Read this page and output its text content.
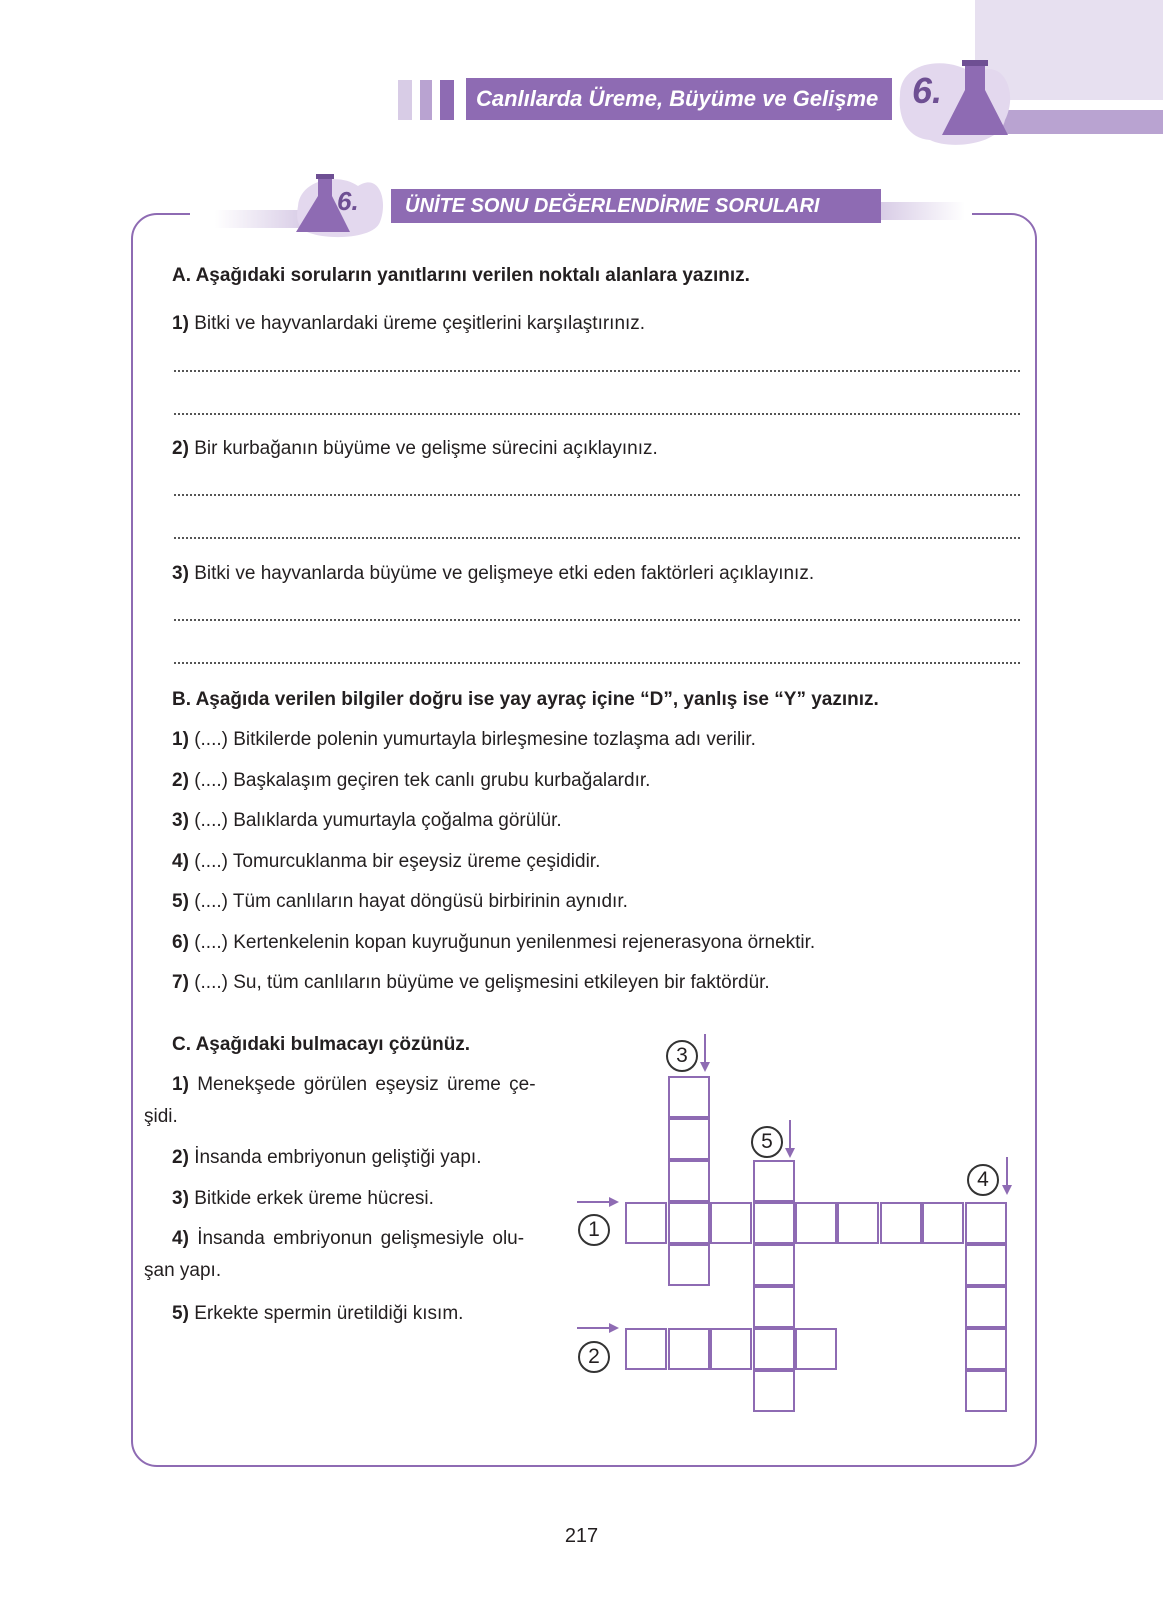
Canlılarda Üreme, Büyüme ve Gelişme 6.
6.	ÜNİTE SONU DEĞERLENDİRME SORULARI
A. Aşağıdaki soruların yanıtlarını verilen noktalı alanlara yazınız.
1) Bitki ve hayvanlardaki üreme çeşitlerini karşılaştırınız.
2) Bir kurbağanın büyüme ve gelişme sürecini açıklayınız.
3) Bitki ve hayvanlarda büyüme ve gelişmeye etki eden faktörleri açıklayınız.
B. Aşağıda verilen bilgiler doğru ise yay ayraç içine “D”, yanlış ise “Y” yazınız.
1) (....) Bitkilerde polenin yumurtayla birleşmesine tozlaşma adı verilir.
2) (....) Başkalaşım geçiren tek canlı grubu kurbağalardır.
3) (....) Balıklarda yumurtayla çoğalma görülür.
4) (....) Tomurcuklanma bir eşeysiz üreme çeşididir.
5) (....) Tüm canlıların hayat döngüsü birbirinin aynıdır.
6) (....) Kertenkelenin kopan kuyruğunun yenilenmesi rejenerasyona örnektir.
7) (....) Su, tüm canlıların büyüme ve gelişmesini etkileyen bir faktördür.
C. Aşağıdaki bulmacayı çözünüz.
1) Menekşede görülen eşeysiz üreme çe-
şidi.
2) İnsanda embriyonun geliştiği yapı.
3) Bitkide erkek üreme hücresi.
4) İnsanda embriyonun gelişmesiyle olu-
şan yapı.
5) Erkekte spermin üretildiği kısım.
1
2
3
4
5
217
